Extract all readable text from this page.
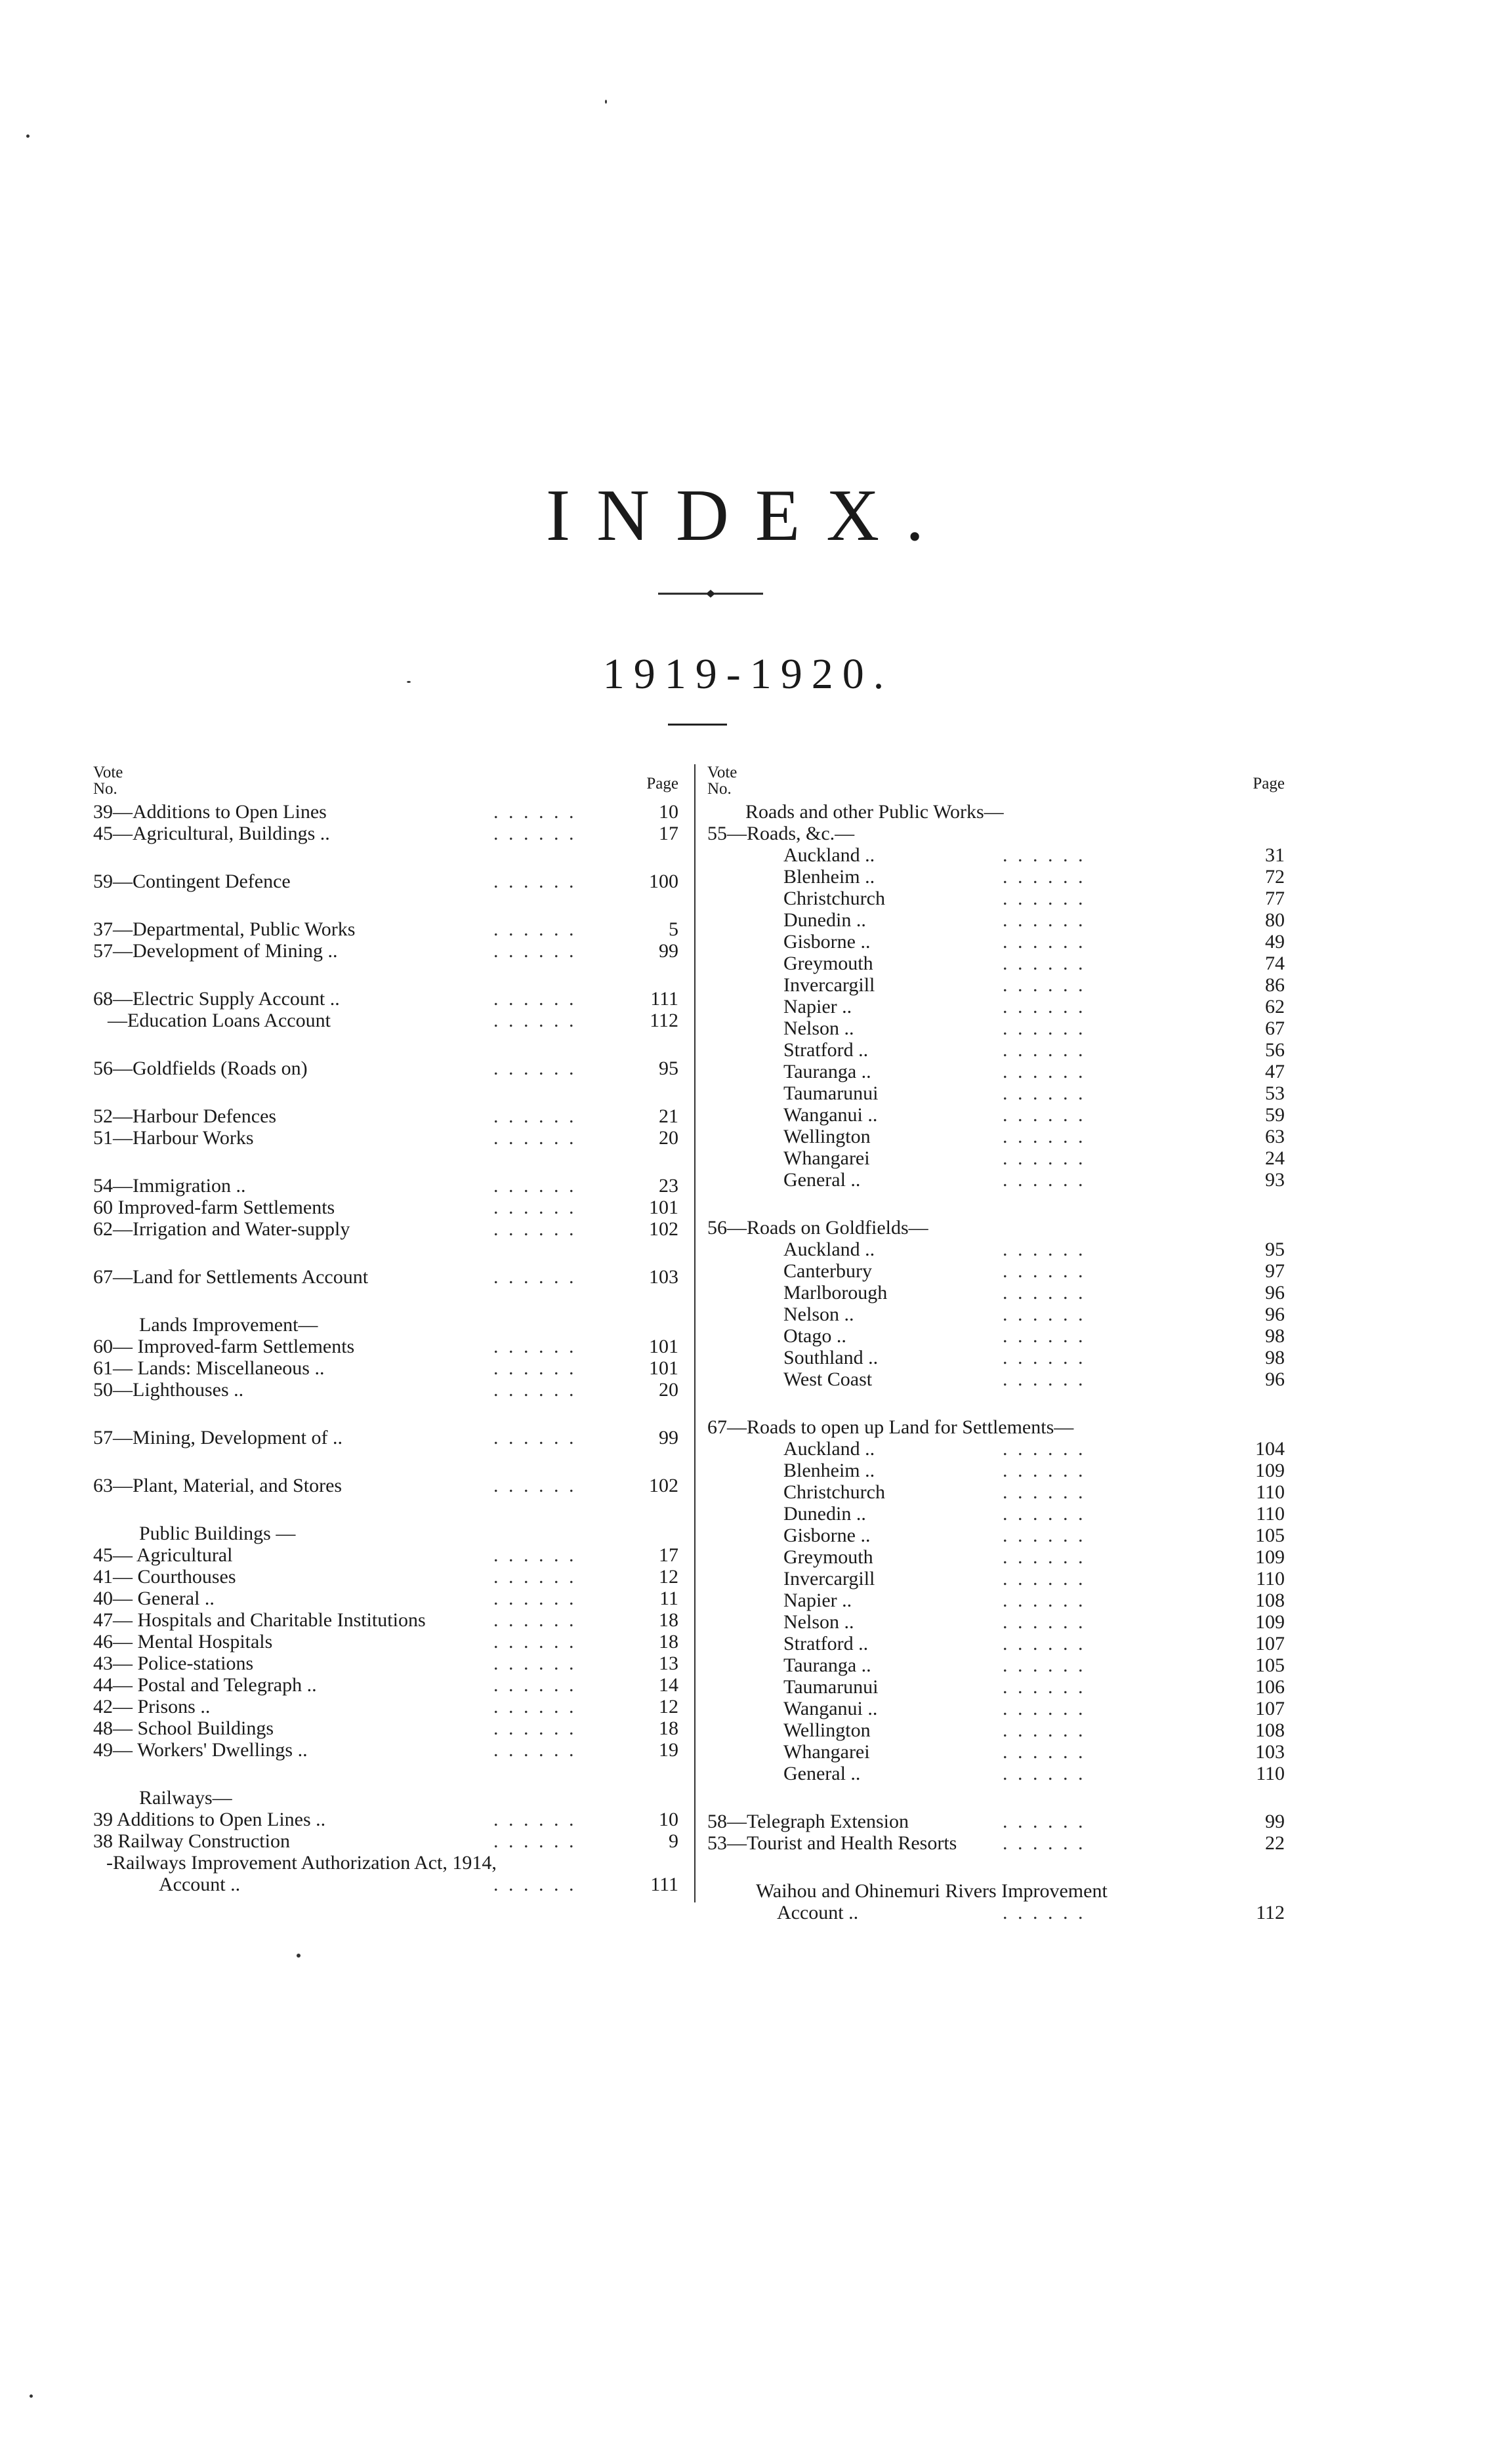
INDEX.
1919-1920.
Vote
No.	Page
39—Additions to Open Lines	. . . . . .	10
45—Agricultural, Buildings ..	. . . . . .	17
59—Contingent Defence	. . . . . .	100
37—Departmental, Public Works	. . . . . .	5
57—Development of Mining ..	. . . . . .	99
68—Electric Supply Account ..	. . . . . .	111
—Education Loans Account	. . . . . .	112
56—Goldfields (Roads on)	. . . . . .	95
52—Harbour Defences	. . . . . .	21
51—Harbour Works	. . . . . .	20
54—Immigration ..	. . . . . .	23
60 Improved-farm Settlements	. . . . . .	101
62—Irrigation and Water-supply	. . . . . .	102
67—Land for Settlements Account	. . . . . .	103
Lands Improvement—
60— Improved-farm Settlements	. . . . . .	101
61— Lands: Miscellaneous ..	. . . . . .	101
50—Lighthouses ..	. . . . . .	20
57—Mining, Development of ..	. . . . . .	99
63—Plant, Material, and Stores	. . . . . .	102
Public Buildings —
45— Agricultural	. . . . . .	17
41— Courthouses	. . . . . .	12
40— General ..	. . . . . .	11
47— Hospitals and Charitable Institutions	. . . . . .	18
46— Mental Hospitals	. . . . . .	18
43— Police-stations	. . . . . .	13
44— Postal and Telegraph ..	. . . . . .	14
42— Prisons ..	. . . . . .	12
48— School Buildings	. . . . . .	18
49— Workers' Dwellings ..	. . . . . .	19
Railways—
39 Additions to Open Lines ..	. . . . . .	10
38 Railway Construction	. . . . . .	9
-Railways Improvement Authorization Act, 1914,
Account ..	. . . . . .	111
Vote
No.	Page
Roads and other Public Works—
55—Roads, &c.—
Auckland ..	. . . . . .	31
Blenheim ..	. . . . . .	72
Christchurch	. . . . . .	77
Dunedin ..	. . . . . .	80
Gisborne ..	. . . . . .	49
Greymouth	. . . . . .	74
Invercargill	. . . . . .	86
Napier ..	. . . . . .	62
Nelson ..	. . . . . .	67
Stratford ..	. . . . . .	56
Tauranga ..	. . . . . .	47
Taumarunui	. . . . . .	53
Wanganui ..	. . . . . .	59
Wellington	. . . . . .	63
Whangarei	. . . . . .	24
General ..	. . . . . .	93
56—Roads on Goldfields—
Auckland ..	. . . . . .	95
Canterbury	. . . . . .	97
Marlborough	. . . . . .	96
Nelson ..	. . . . . .	96
Otago ..	. . . . . .	98
Southland ..	. . . . . .	98
West Coast	. . . . . .	96
67—Roads to open up Land for Settlements—
Auckland ..	. . . . . .	104
Blenheim ..	. . . . . .	109
Christchurch	. . . . . .	110
Dunedin ..	. . . . . .	110
Gisborne ..	. . . . . .	105
Greymouth	. . . . . .	109
Invercargill	. . . . . .	110
Napier ..	. . . . . .	108
Nelson ..	. . . . . .	109
Stratford ..	. . . . . .	107
Tauranga ..	. . . . . .	105
Taumarunui	. . . . . .	106
Wanganui ..	. . . . . .	107
Wellington	. . . . . .	108
Whangarei	. . . . . .	103
General ..	. . . . . .	110
58—Telegraph Extension	. . . . . .	99
53—Tourist and Health Resorts . . . . . .	22
Waihou and Ohinemuri Rivers Improvement
Account ..	. . . . . .	112
